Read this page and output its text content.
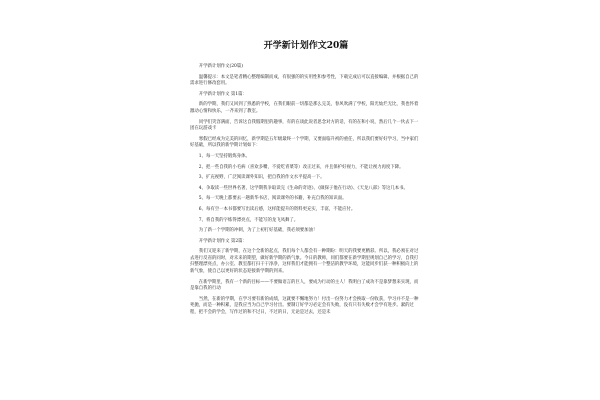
开学新计划作文20篇

开学新计划作文(20篇)

温馨提示：本文是笔者精心整理编制而成，有很强的的实用性和参考性，下载完成后可以直接编辑，并根据自己的需求进行修改套用。

开学新计划作文 第1篇：

新的学期，我们又回到了熟悉的学校，在我们眼前一切都是那么完美，春风吹满了学校，阳光灿烂无比，我也怀着激动心情和快乐，一齐来到了教室。

同学们笑容满面，告诉这自我假期里的趣事，有的在谈此说者思念对方的话，有的在和小说，然后几个一伙去下一团在玩游戏卡

寒假已经成为完美的回忆，新学期是五年级最终一个学期，又要面临升初的重任，所以我们要好好学习，当中家们好基础，所以我的新学期计划如下：

1、每一天坚持锻炼身体。

2、把一些自我的小毛病（喜欢多嘴，不爱吃青菜等）改正过来，并且保护好视力，不能让视力再度下降。

3、扩充视野，广泛阅读课外知识，把自我的作文水平提高一下。

4、争取读一些世界名著，这学期我争取读完《生命的奇迹》、《做探子他在行动》、《天龙八部》等这几本书。

5、每一天晚上都要去一趟新华书店，阅读课外的书籍，补充自我的知识面。

6、每有空一本书都要写出读后感，这样能提升的资料更充实，丰富，不能应付。

7、将自我的字练得漂亮点，不能写的龙飞凤舞了。

为了新一个学期的冲刺，为了上初打好基础，我必须要加油！

开学新计划作文 第2篇：

我们又迎来了新学期，在这个全新的起点，我们每个人都会有一种期盼：明天的我要更精彩。所以，我必须在对过去进行反省的同时，对未来的期望，做好新学期的新气象。今日的教师，同们都要在新学期里规划自己的学习，自我打扫整理漂亮点，办公室、教室都打扫干干净净，这样我们才能拥有一个整洁的教学环境，这能同步们获一种积极向上的新气象，使自己以更好的状态迎接新学期的到来。

在新学期里，我有一个新的目标——不要做语言的巨人，要成为行动的主人！我明白了成功不是靠梦想来实现，而是靠自我的行动

当然，在新的学期，在学习要有新的成绩，这就要不懈地努力！付出一份努力才会换取一份收获，学习并不是一种死抛，而是一种积累，是我应当为自己学习付出。要制订好学习必定会有失败，没有只有失败才会学有进步。紧的过程，把不会的学会，写作过的和不过日，不过的日，无论是过去，还是未
